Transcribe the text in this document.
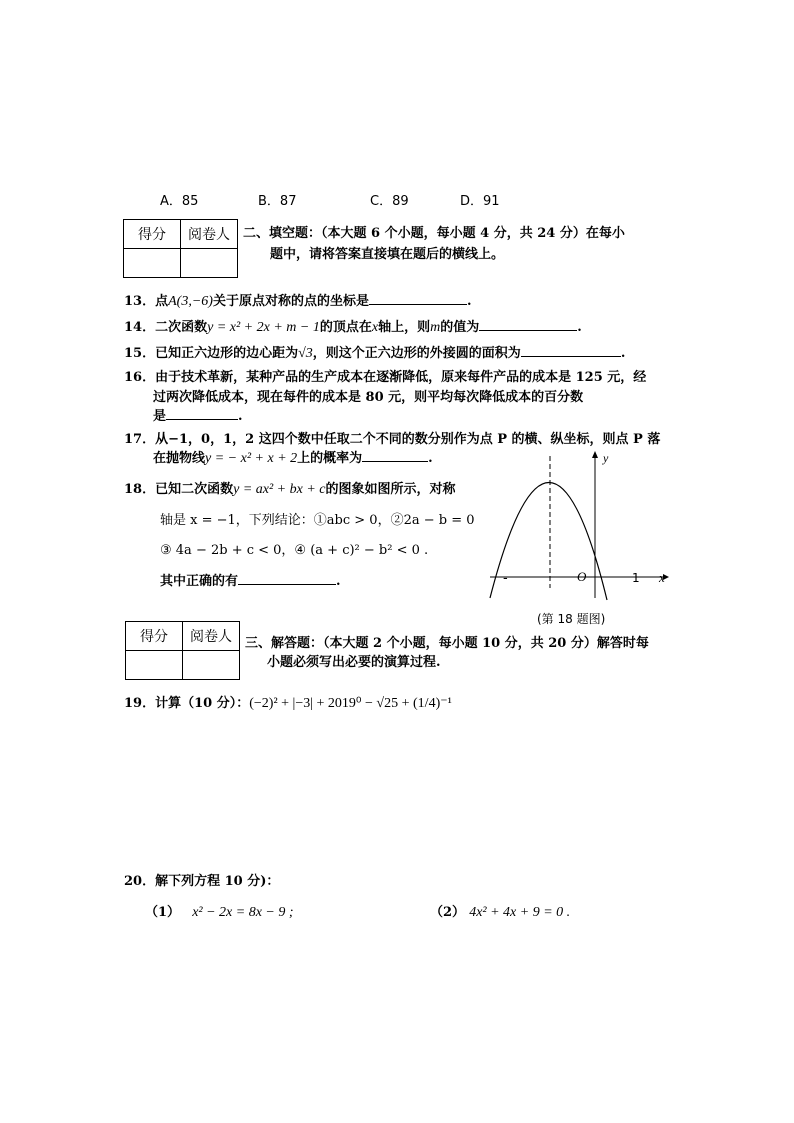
A．85	B．87	C．89	D．91
得分	阅卷人
	二、填空题：（本大题 6 个小题，每小题 4 分，共 24 分）在每小
题中，请将答案直接填在题后的横线上。
13．点A(3,−6)关于原点对称的点的坐标是	.
14．二次函数y = x² + 2x + m − 1的顶点在x轴上，则m的值为	.
15．已知正六边形的边心距为√3，则这个正六边形的外接圆的面积为	.
16．由于技术革新，某种产品的生产成本在逐渐降低，原来每件产品的成本是 125 元，经
过两次降低成本，现在每件的成本是 80 元，则平均每次降低成本的百分数
是	.
17．从−1，0，1，2 这四个数中任取二个不同的数分别作为点 P 的横、纵坐标，则点 P 落
在抛物线y = − x² + x + 2上的概率为	.
18．已知二次函数y = ax² + bx + c的图象如图所示，对称
轴是 x = −1，下列结论：①abc > 0，②2a − b = 0
③ 4a − 2b + c < 0，④ (a + c)² − b² < 0 .
其中正确的有	.
y
x
O
-	1
(第 18 题图)
得分	阅卷人
	三、解答题：（本大题 2 个小题，每小题 10 分，共 20 分）解答时每
小题必须写出必要的演算过程.
19．计算（10 分）：(−2)² + |−3| + 2019⁰ − √25 + (1/4)⁻¹
20．解下列方程 10 分)：
（1） x² − 2x = 8x − 9 ;	（2） 4x² + 4x + 9 = 0 .
